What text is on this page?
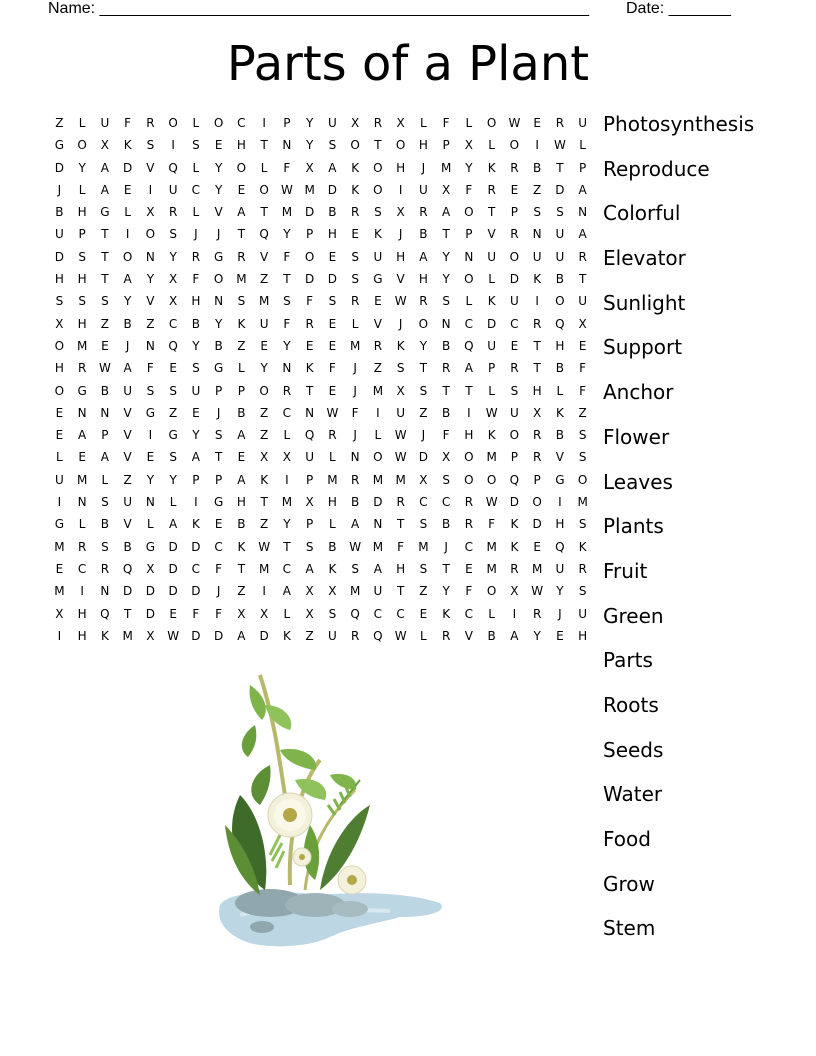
Name: _______________________________________________________ Date: _______
Parts of a Plant
Z	L	U	F	R	O	L	O	C	I	P	Y	U	X	R	X	L	F	L	O	W	E	R	U
G	O	X	K	S	I	S	E	H	T	N	Y	S	O	T	O	H	P	X	L	O	I	W	L
D	Y	A	D	V	Q	L	Y	O	L	F	X	A	K	O	H	J	M	Y	K	R	B	T	P
J	L	A	E	I	U	C	Y	E	O	W M	D	K	O	I	U	X	F	R	E	Z	D	A
B	H	G	L	X	R	L	V	A	T	M	D	B	R	S	X	R	A	O	T	P	S	S	N
U	P	T	I	O	S	J	J	T	Q	Y	P	H	E	K	J	B	T	P	V	R	N	U	A
D	S	T	O	N	Y	R	G	R	V	F	O	E	S	U	H	A	Y	N	U	O	U	U	R
H	H	T	A	Y	X	F	O	M	Z	T	D	D	S	G	V	H	Y	O	L	D	K	B	T
S	S	S	Y	V	X	H	N	S	M	S	F	S	R	E	W	R	S	L	K	U	I	O	U
X	H	Z	B	Z	C	B	Y	K	U	F	R	E	L	V	J	O	N	C	D	C	R	Q	X
O	M	E	J	N	Q	Y	B	Z	E	Y	E	E	M	R	K	Y	B	Q	U	E	T	H	E
H	R	W	A	F	E	S	G	L	Y	N	K	F	J	Z	S	T	R	A	P	R	T	B	F
O	G	B	U	S	S	U	P	P	O	R	T	E	J	M	X	S	T	T	L	S	H	L	F
E	N	N	V	G	Z	E	J	B	Z	C	N	W	F	I	U	Z	B	I	W	U	X	K	Z
E	A	P	V	I	G	Y	S	A	Z	L	Q	R	J	L	W	J	F	H	K	O	R	B	S
L	E	A	V	E	S	A	T	E	X	X	U	L	N	O	W	D	X	O	M	P	R	V	S
U	M	L	Z	Y	Y	P	P	A	K	I	P	M	R	M	M	X	S	O	O	Q	P	G	O
I	N	S	U	N	L	I	G	H	T	M	X	H	B	D	R	C	C	R	W	D	O	I	M
G	L	B	V	L	A	K	E	B	Z	Y	P	L	A	N	T	S	B	R	F	K	D	H	S
M	R	S	B	G	D	D	C	K	W	T	S	B	W M	F	M	J	C	M	K	E	Q	K
E	C	R	Q	X	D	C	F	T	M	C	A	K	S	A	H	S	T	E	M	R	M	U	R
M	I	N	D	D	D	D	J	Z	I	A	X	X	M	U	T	Z	Y	F	O	X	W	Y	S
X	H	Q	T	D	E	F	F	X	X	L	X	S	Q	C	C	E	K	C	L	I	R	J	U
I	H	K	M	X	W	D	D	A	D	K	Z	U	R	Q	W	L	R	V	B	A	Y	E	H
Photosynthesis
Reproduce
Colorful
Elevator
Sunlight
Support
Anchor
Flower
Leaves
Plants
Fruit
Green
Parts
Roots
Seeds
Water
Food
Grow
Stem
